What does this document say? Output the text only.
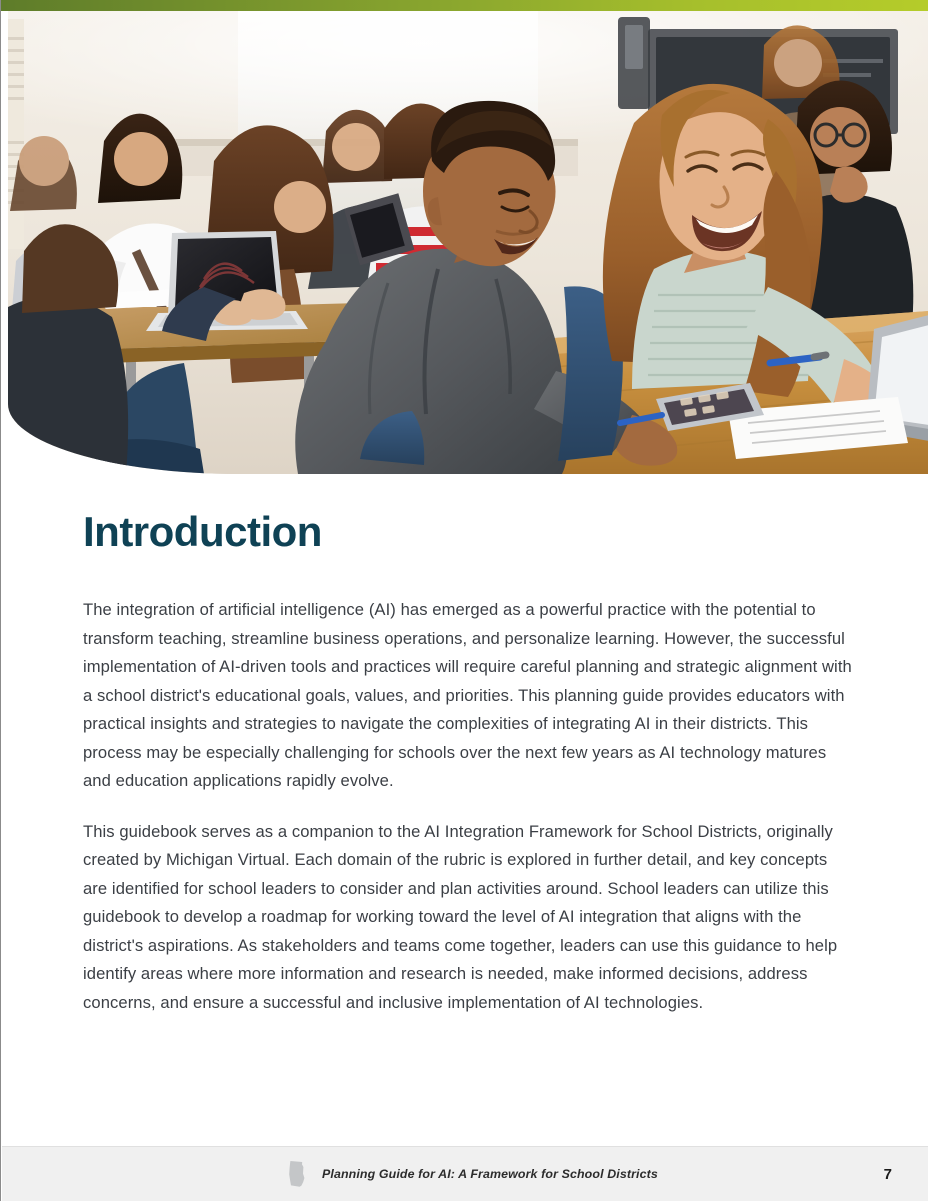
Introduction

The integration of artificial intelligence (AI) has emerged as a powerful practice with the potential to transform teaching, streamline business operations, and personalize learning. However, the successful implementation of AI-driven tools and practices will require careful planning and strategic alignment with a school district's educational goals, values, and priorities. This planning guide provides educators with practical insights and strategies to navigate the complexities of integrating AI in their districts. This process may be especially challenging for schools over the next few years as AI technology matures and education applications rapidly evolve.

This guidebook serves as a companion to the AI Integration Framework for School Districts, originally created by Michigan Virtual. Each domain of the rubric is explored in further detail, and key concepts are identified for school leaders to consider and plan activities around. School leaders can utilize this guidebook to develop a roadmap for working toward the level of AI integration that aligns with the district's aspirations. As stakeholders and teams come together, leaders can use this guidance to help identify areas where more information and research is needed, make informed decisions, address concerns, and ensure a successful and inclusive implementation of AI technologies.

Planning Guide for AI: A Framework for School Districts	7
